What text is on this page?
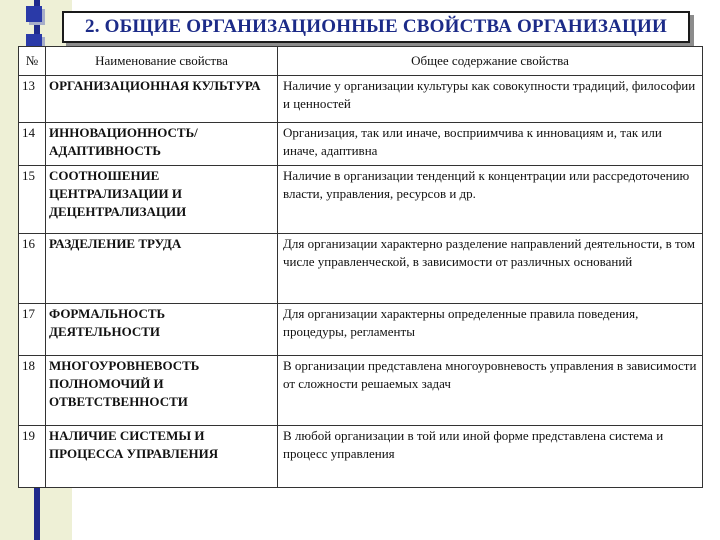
2. ОБЩИЕ ОРГАНИЗАЦИОННЫЕ СВОЙСТВА ОРГАНИЗАЦИИ
№	Наименование свойства	Общее содержание свойства
13	ОРГАНИЗАЦИОННАЯ КУЛЬТУРА	Наличие у организации культуры как совокупности традиций, философии и ценностей
14	ИННОВАЦИОННОСТЬ/ АДАПТИВНОСТЬ	Организация, так или иначе, восприимчива к инновациям и, так или иначе, адаптивна
15	СООТНОШЕНИЕ ЦЕНТРАЛИЗАЦИИ И ДЕЦЕНТРАЛИЗАЦИИ	Наличие в организации тенденций к концентрации или рассредоточению власти, управления, ресурсов и др.
16	РАЗДЕЛЕНИЕ ТРУДА	Для организации характерно разделение направлений деятельности, в том числе управленческой, в зависимости от различных оснований
17	ФОРМАЛЬНОСТЬ ДЕЯТЕЛЬНОСТИ	Для организации характерны определенные правила поведения, процедуры, регламенты
18	МНОГОУРОВНЕВОСТЬ ПОЛНОМОЧИЙ И ОТВЕТСТВЕННОСТИ	В организации представлена многоуровневость управления в зависимости от сложности решаемых задач
19	НАЛИЧИЕ СИСТЕМЫ И ПРОЦЕССА УПРАВЛЕНИЯ	В любой организации в той или иной форме представлена система и процесс управления
